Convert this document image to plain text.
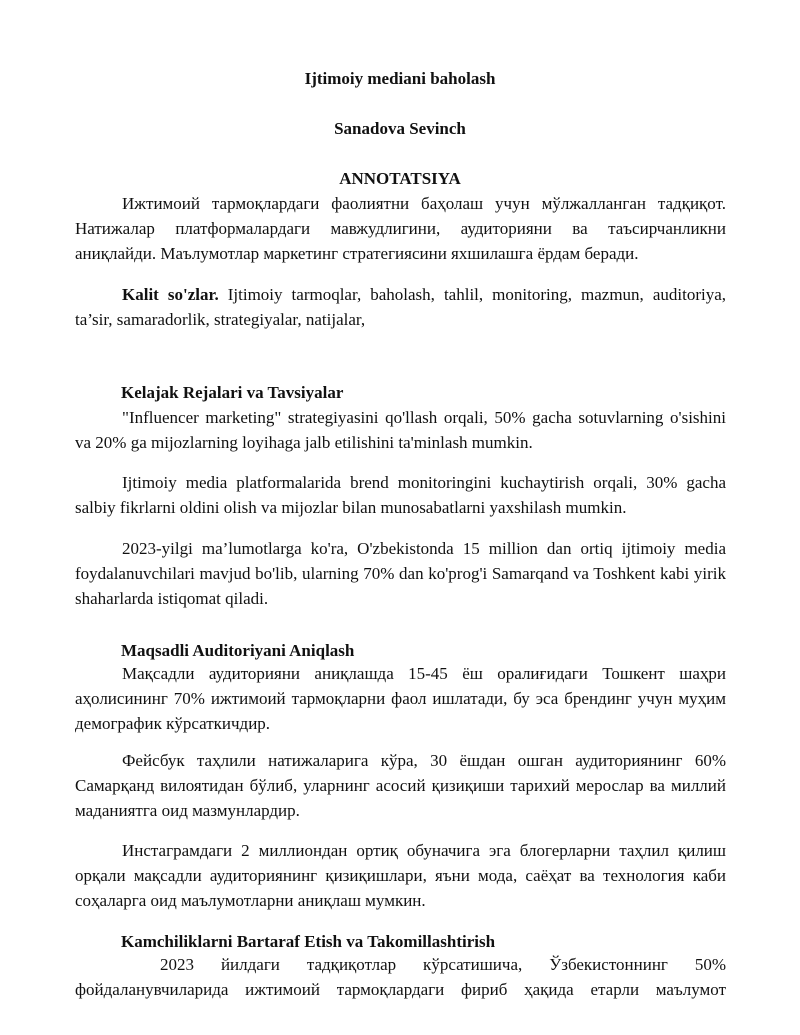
Ijtimoiy mediani baholash
Sanadova Sevinch
ANNOTATSIYA

Ижтимоий тармоқлардаги фаолиятни баҳолаш учун мўлжалланган тадқиқот. Натижалар платформалардаги мавжудлигини, аудиторияни ва таъсирчанликни аниқлайди. Маълумотлар маркетинг стратегиясини яхшилашга ёрдам беради.

Kalit so'zlar. Ijtimoiy tarmoqlar, baholash, tahlil, monitoring, mazmun, auditoriya, ta’sir, samaradorlik, strategiyalar, natijalar,

Kelajak Rejalari va Tavsiyalar

"Influencer marketing" strategiyasini qo'llash orqali, 50% gacha sotuvlarning o'sishini va 20% ga mijozlarning loyihaga jalb etilishini ta'minlash mumkin.

Ijtimoiy media platformalarida brend monitoringini kuchaytirish orqali, 30% gacha salbiy fikrlarni oldini olish va mijozlar bilan munosabatlarni yaxshilash mumkin.

2023-yilgi ma’lumotlarga ko'ra, O'zbekistonda 15 million dan ortiq ijtimoiy media foydalanuvchilari mavjud bo'lib, ularning 70% dan ko'prog'i Samarqand va Toshkent kabi yirik shaharlarda istiqomat qiladi.

Maqsadli Auditoriyani Aniqlash

Мақсадли аудиторияни аниқлашда 15-45 ёш оралиғидаги Тошкент шаҳри аҳолисининг 70% ижтимоий тармоқларни фаол ишлатади, бу эса брендинг учун муҳим демографик кўрсаткичдир.

Фейсбук таҳлили натижаларига кўра, 30 ёшдан ошган аудиториянинг 60% Самарқанд вилоятидан бўлиб, уларнинг асосий қизиқиши тарихий мерослар ва миллий маданиятга оид мазмунлардир.

Инстаграмдаги 2 миллиондан ортиқ обуначига эга блогерларни таҳлил қилиш орқали мақсадли аудиториянинг қизиқишлари, яъни мода, саёҳат ва технология каби соҳаларга оид маълумотларни аниқлаш мумкин.

Kamchiliklarni Bartaraf Etish va Takomillashtirish

2023 йилдаги тадқиқотлар кўрсатишича, Ўзбекистоннинг 50% фойдаланувчиларида ижтимоий тармоқлардаги фириб ҳақида етарли маълумот
